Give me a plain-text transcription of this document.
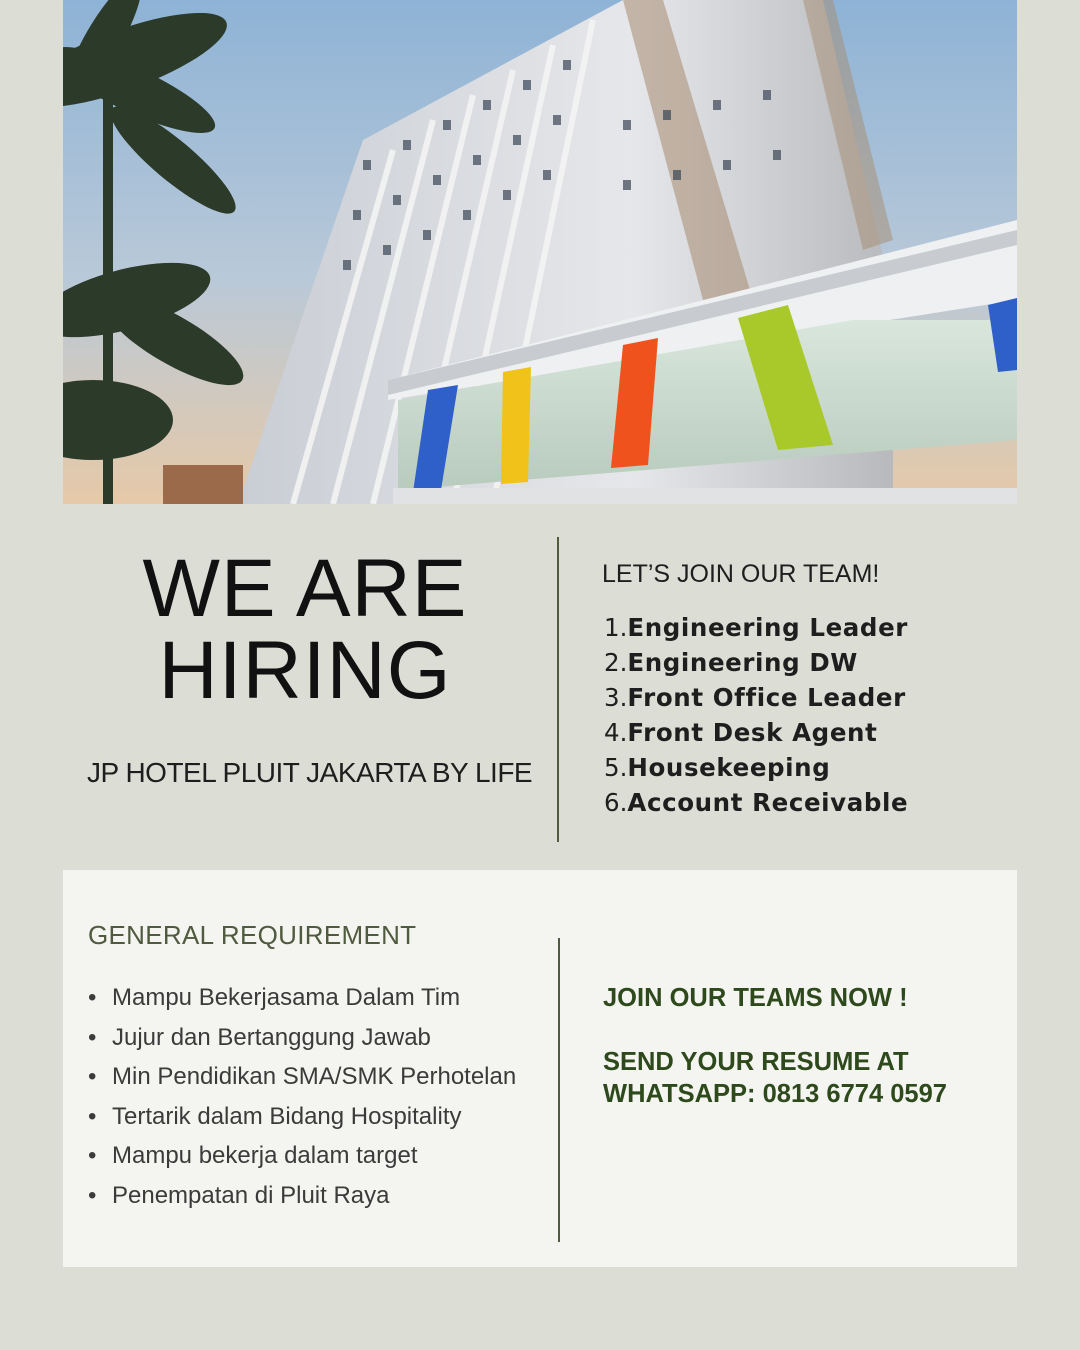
WE ARE
HIRING
JP HOTEL PLUIT JAKARTA BY LIFE
LET’S JOIN OUR TEAM!
1.Engineering Leader
2.Engineering DW
3.Front Office Leader
4.Front Desk Agent
5.Housekeeping
6.Account Receivable
GENERAL REQUIREMENT
• Mampu Bekerjasama Dalam Tim
• Jujur dan Bertanggung Jawab
• Min Pendidikan SMA/SMK Perhotelan
• Tertarik dalam Bidang Hospitality
• Mampu bekerja dalam target
• Penempatan di Pluit Raya
JOIN OUR TEAMS NOW !
SEND YOUR RESUME AT
WHATSAPP: 0813 6774 0597
